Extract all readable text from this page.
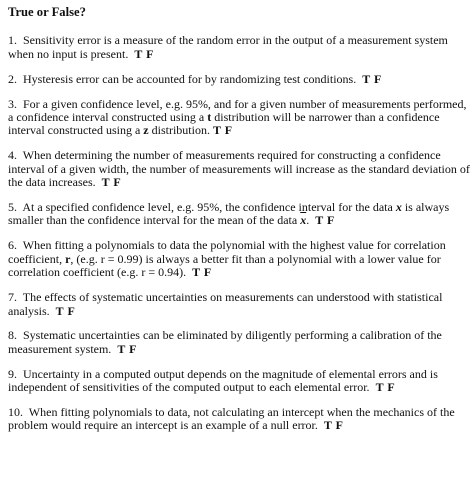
True or False?
1. Sensitivity error is a measure of the random error in the output of a measurement system when no input is present. T F
2. Hysteresis error can be accounted for by randomizing test conditions. T F
3. For a given confidence level, e.g. 95%, and for a given number of measurements performed, a confidence interval constructed using a t distribution will be narrower than a confidence interval constructed using a z distribution. T F
4. When determining the number of measurements required for constructing a confidence interval of a given width, the number of measurements will increase as the standard deviation of the data increases. T F
5. At a specified confidence level, e.g. 95%, the confidence interval for the data x is always smaller than the confidence interval for the mean of the data $\overline{x}$. T F
6. When fitting a polynomials to data the polynomial with the highest value for correlation coefficient, r, (e.g. r = 0.99) is always a better fit than a polynomial with a lower value for correlation coefficient (e.g. r = 0.94). T F
7. The effects of systematic uncertainties on measurements can understood with statistical analysis. T F
8. Systematic uncertainties can be eliminated by diligently performing a calibration of the measurement system. T F
9. Uncertainty in a computed output depends on the magnitude of elemental errors and is independent of sensitivities of the computed output to each elemental error. T F
10. When fitting polynomials to data, not calculating an intercept when the mechanics of the problem would require an intercept is an example of a null error. T F
